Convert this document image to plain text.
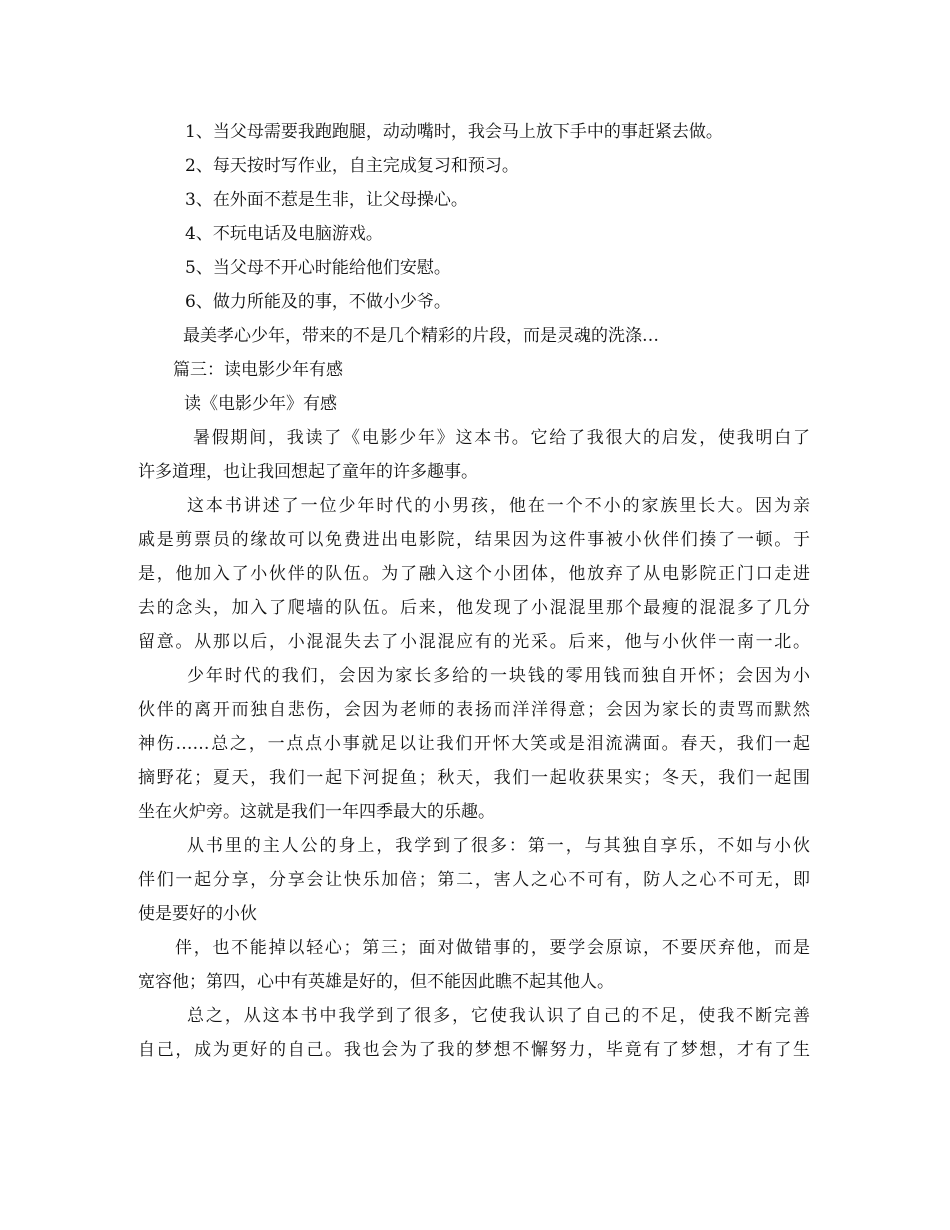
1、当父母需要我跑跑腿，动动嘴时，我会马上放下手中的事赶紧去做。
2、每天按时写作业，自主完成复习和预习。
3、在外面不惹是生非，让父母操心。
4、不玩电话及电脑游戏。
5、当父母不开心时能给他们安慰。
6、做力所能及的事，不做小少爷。
最美孝心少年，带来的不是几个精彩的片段，而是灵魂的洗涤…
篇三：读电影少年有感
读《电影少年》有感
暑假期间，我读了《电影少年》这本书。它给了我很大的启发，使我明白了
许多道理，也让我回想起了童年的许多趣事。
这本书讲述了一位少年时代的小男孩，他在一个不小的家族里长大。因为亲
戚是剪票员的缘故可以免费进出电影院，结果因为这件事被小伙伴们揍了一顿。于
是，他加入了小伙伴的队伍。为了融入这个小团体，他放弃了从电影院正门口走进
去的念头，加入了爬墙的队伍。后来，他发现了小混混里那个最瘦的混混多了几分
留意。从那以后，小混混失去了小混混应有的光采。后来，他与小伙伴一南一北。
少年时代的我们，会因为家长多给的一块钱的零用钱而独自开怀；会因为小
伙伴的离开而独自悲伤，会因为老师的表扬而洋洋得意；会因为家长的责骂而默然
神伤……总之，一点点小事就足以让我们开怀大笑或是泪流满面。春天，我们一起
摘野花；夏天，我们一起下河捉鱼；秋天，我们一起收获果实；冬天，我们一起围
坐在火炉旁。这就是我们一年四季最大的乐趣。
从书里的主人公的身上，我学到了很多：第一，与其独自享乐，不如与小伙
伴们一起分享，分享会让快乐加倍；第二，害人之心不可有，防人之心不可无，即
使是要好的小伙
伴，也不能掉以轻心；第三；面对做错事的，要学会原谅，不要厌弃他，而是
宽容他；第四，心中有英雄是好的，但不能因此瞧不起其他人。
总之，从这本书中我学到了很多，它使我认识了自己的不足，使我不断完善
自己，成为更好的自己。我也会为了我的梦想不懈努力，毕竟有了梦想，才有了生
